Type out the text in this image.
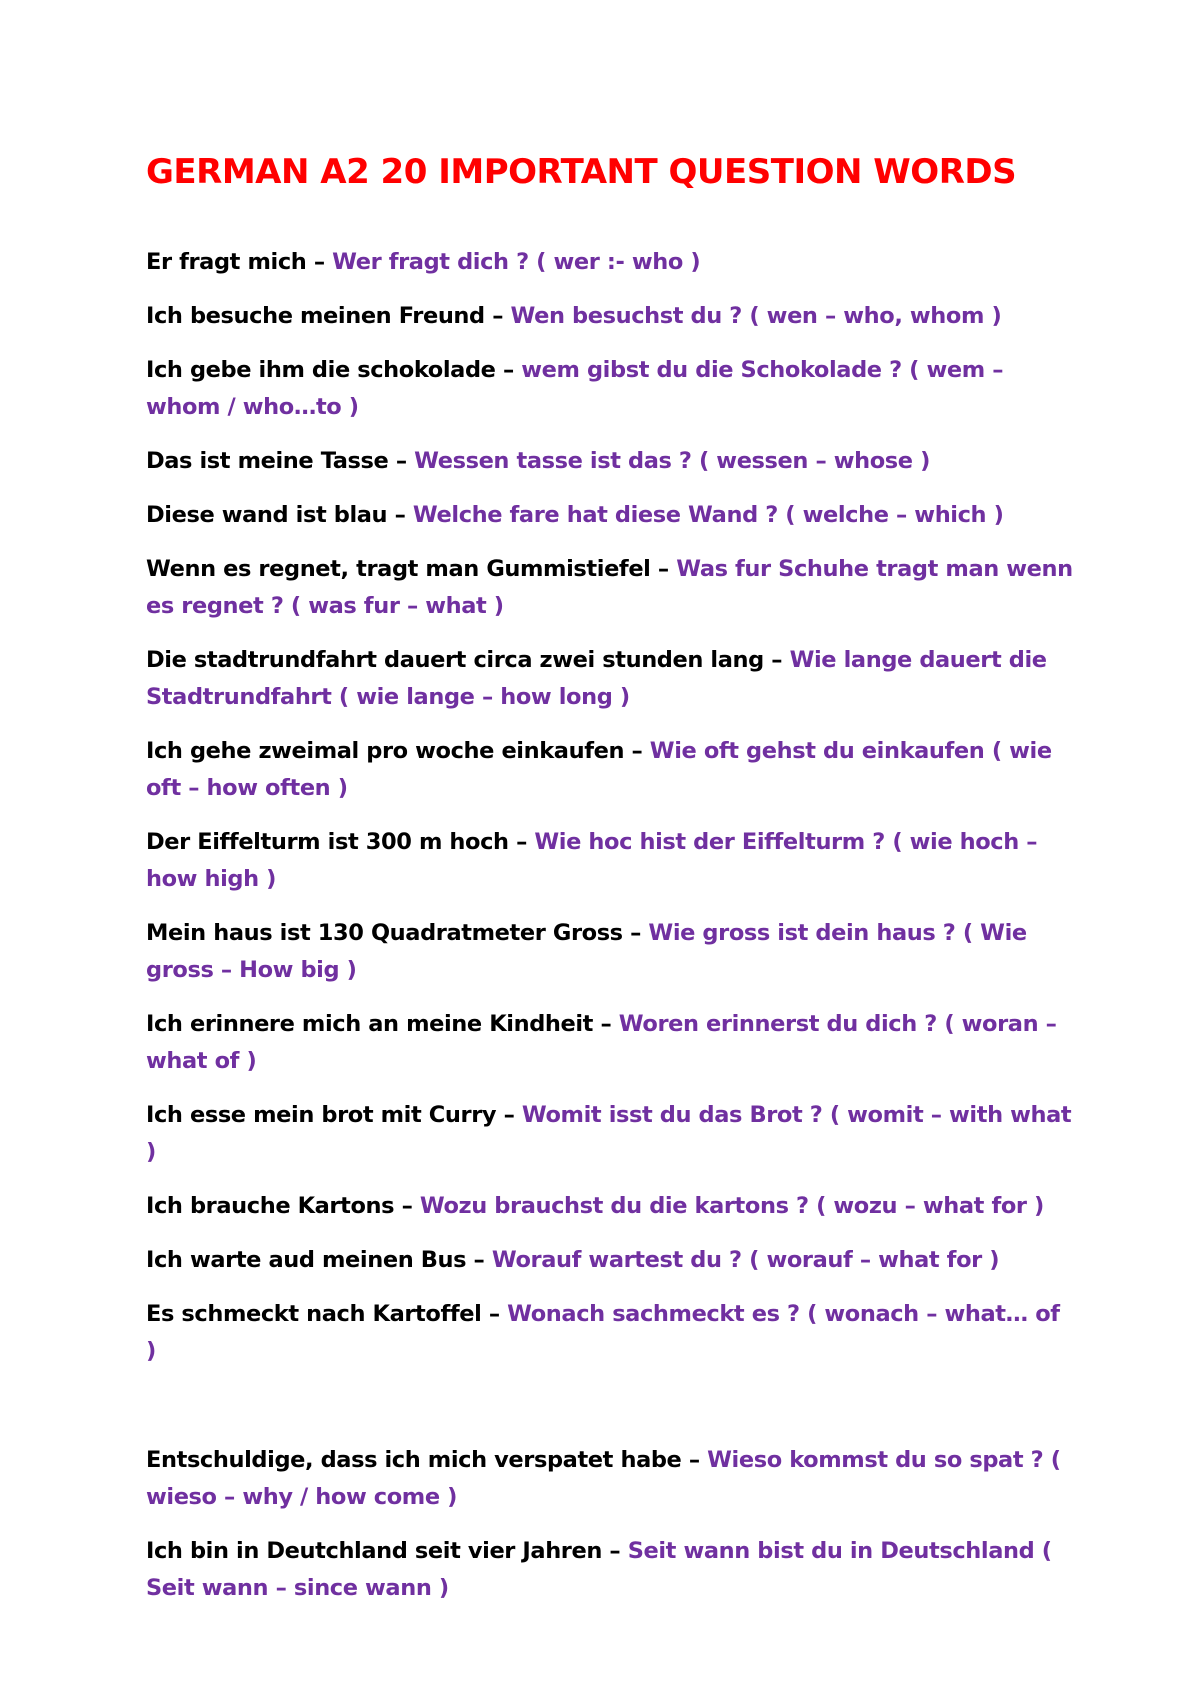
GERMAN A2 20 IMPORTANT QUESTION WORDS
Er fragt mich – Wer fragt dich ? ( wer :- who )
Ich besuche meinen Freund – Wen besuchst du ? ( wen – who, whom )
Ich gebe ihm die schokolade – wem gibst du die Schokolade ? ( wem – whom / who…to )
Das ist meine Tasse – Wessen tasse ist das ? ( wessen – whose )
Diese wand ist blau – Welche fare hat diese Wand ? ( welche – which )
Wenn es regnet, tragt man Gummistiefel – Was fur Schuhe tragt man wenn es regnet ? ( was fur – what )
Die stadtrundfahrt dauert circa zwei stunden lang – Wie lange dauert die Stadtrundfahrt ( wie lange – how long )
Ich gehe zweimal pro woche einkaufen – Wie oft gehst du einkaufen ( wie oft – how often )
Der Eiffelturm ist 300 m hoch – Wie hoc hist der Eiffelturm ? ( wie hoch – how high )
Mein haus ist 130 Quadratmeter Gross – Wie gross ist dein haus ? ( Wie gross – How big )
Ich erinnere mich an meine Kindheit – Woren erinnerst du dich ? ( woran – what of )
Ich esse mein brot mit Curry – Womit isst du das Brot ? ( womit – with what )
Ich brauche Kartons – Wozu brauchst du die kartons ? ( wozu – what for )
Ich warte aud meinen Bus – Worauf wartest du ? ( worauf – what for )
Es schmeckt nach Kartoffel – Wonach sachmeckt es ? ( wonach – what… of )
Entschuldige, dass ich mich verspatet habe – Wieso kommst du so spat ? ( wieso – why / how come )
Ich bin in Deutchland seit vier Jahren – Seit wann bist du in Deutschland ( Seit wann – since wann )
